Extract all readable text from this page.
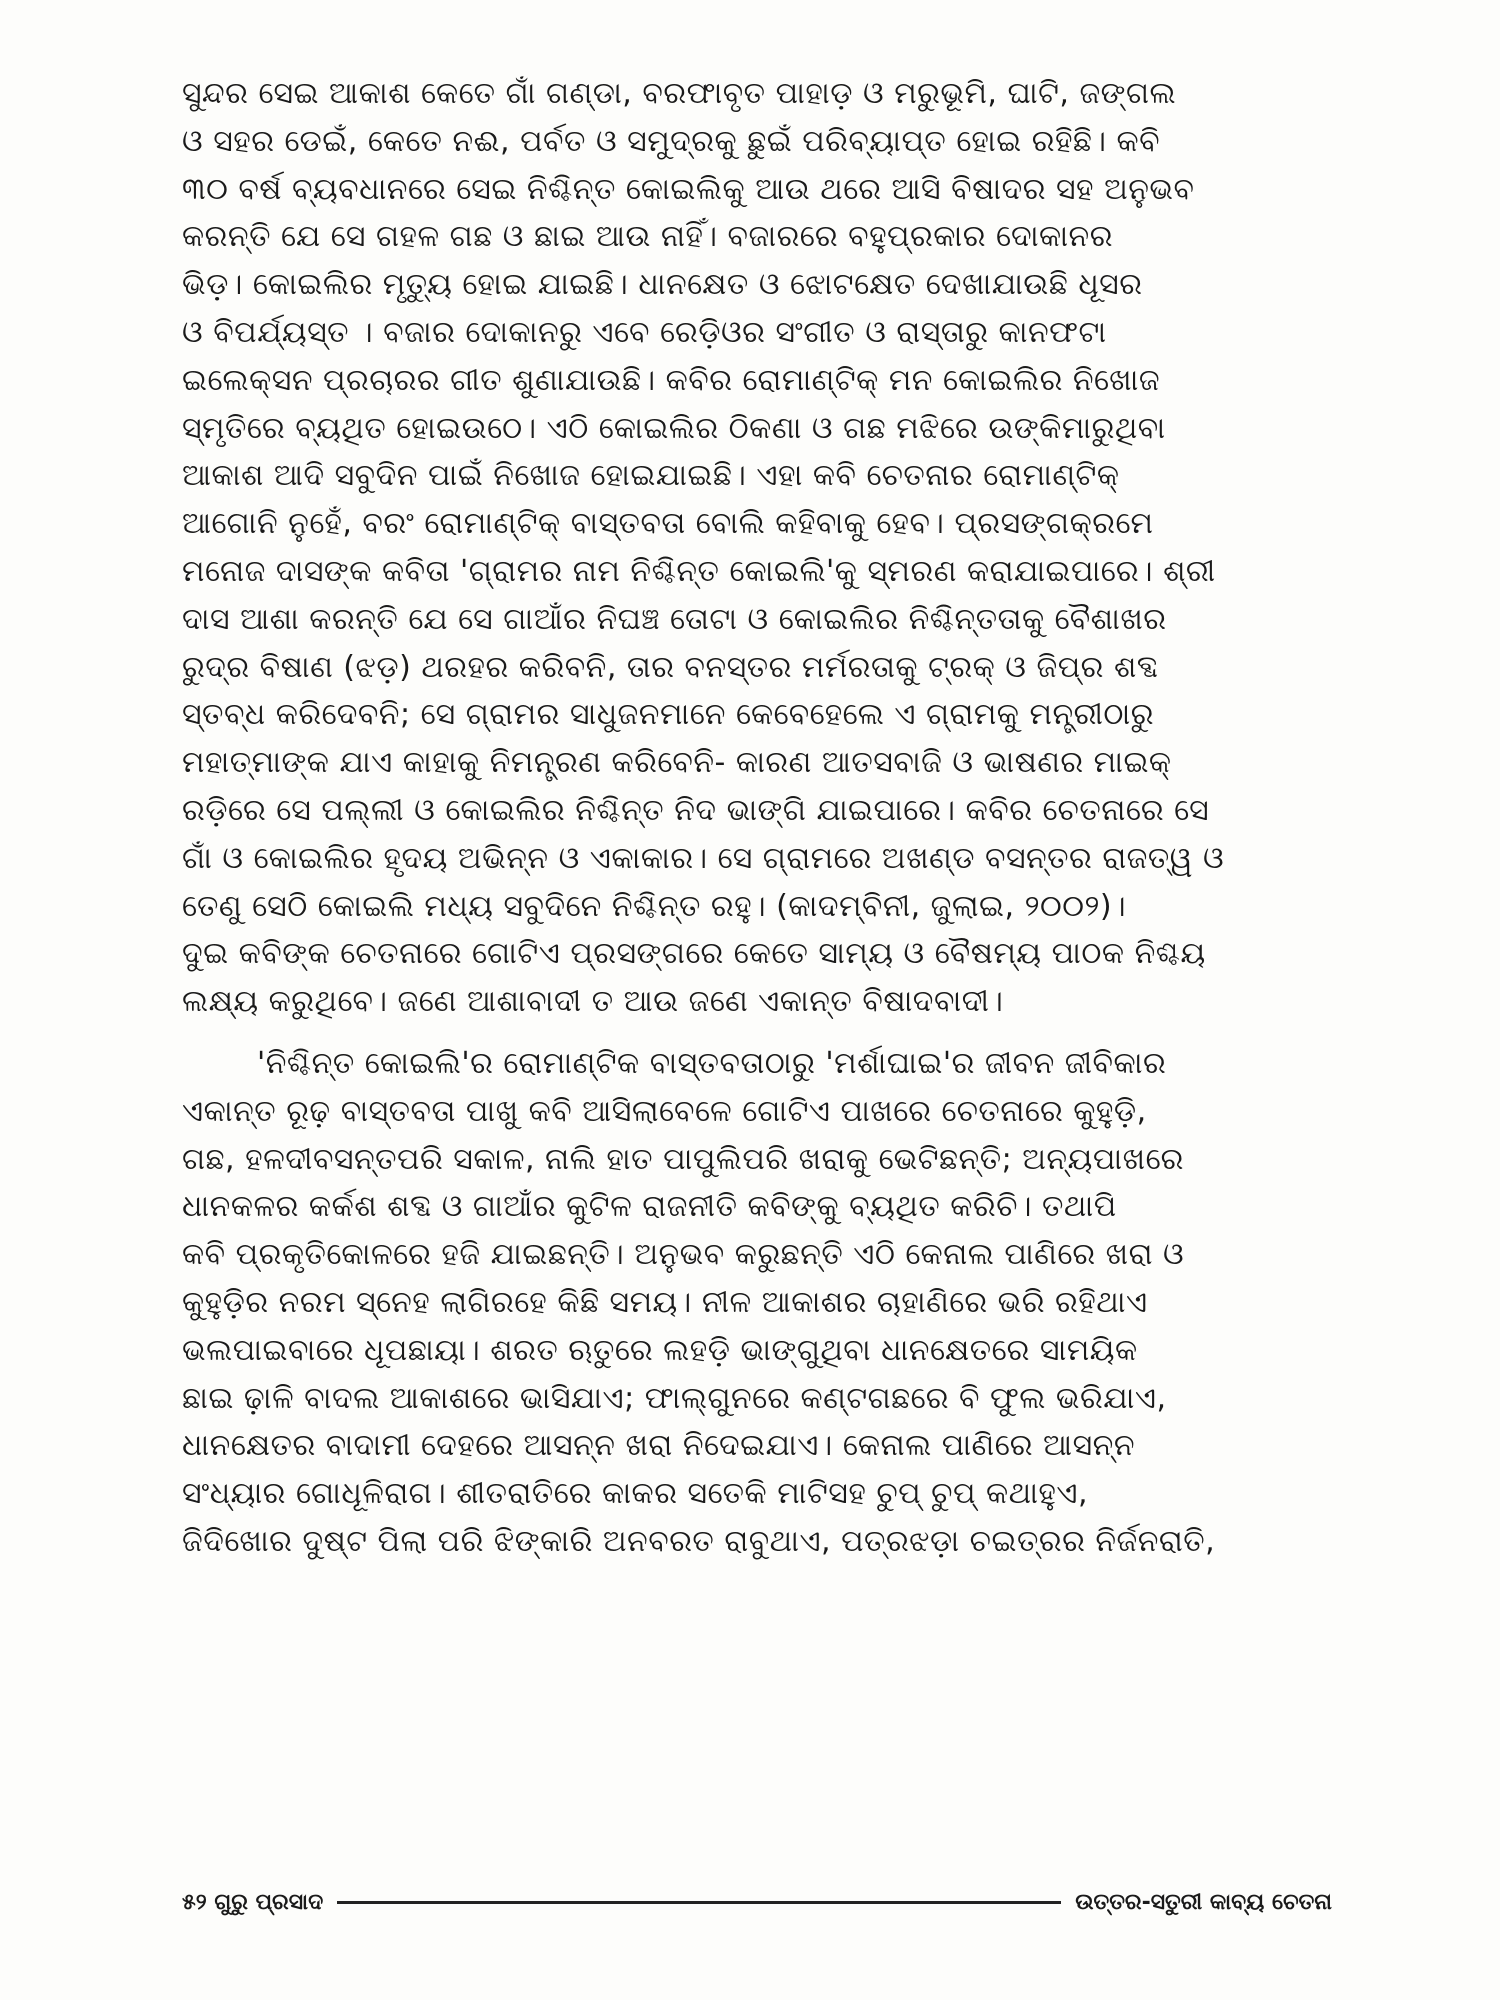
ସୁନ୍ଦର ସେଇ ଆକାଶ କେତେ ଗାଁ ଗଣ୍ଡା, ବରଫାବୃତ ପାହାଡ଼ ଓ ମରୁଭୂମି, ଘାଟି, ଜଙ୍ଗଲ
ଓ ସହର ଡେଇଁ, କେତେ ନଈ, ପର୍ବତ ଓ ସମୁଦ୍ରକୁ ଛୁଇଁ ପରିବ୍ୟାପ୍ତ ହୋଇ ରହିଛି। କବି
୩୦ ବର୍ଷ ବ୍ୟବଧାନରେ ସେଇ ନିଶ୍ଚିନ୍ତ କୋଇଲିକୁ ଆଉ ଥରେ ଆସି ବିଷାଦର ସହ ଅନୁଭବ
କରନ୍ତି ଯେ ସେ ଗହଳ ଗଛ ଓ ଛାଇ ଆଉ ନାହିଁ। ବଜାରରେ ବହୁପ୍ରକାର ଦୋକାନର
ଭିଡ଼। କୋଇଲିର ମୃତ୍ୟୁ ହୋଇ ଯାଇଛି। ଧାନକ୍ଷେତ ଓ ଝୋଟକ୍ଷେତ ଦେଖାଯାଉଛି ଧୂସର
ଓ ବିପର୍ଯ୍ୟସ୍ତ । ବଜାର ଦୋକାନରୁ ଏବେ ରେଡ଼ିଓର ସଂଗୀତ ଓ ରାସ୍ତାରୁ କାନଫଟା
ଇଲେକ୍ସନ ପ୍ରଚାରର ଗୀତ ଶୁଣାଯାଉଛି। କବିର ରୋମାଣ୍ଟିକ୍ ମନ କୋଇଲିର ନିଖୋଜ
ସ୍ମୃତିରେ ବ୍ୟଥିତ ହୋଇଉଠେ। ଏଠି କୋଇଲିର ଠିକଣା ଓ ଗଛ ମଝିରେ ଉଙ୍କିମାରୁଥିବା
ଆକାଶ ଆଦି ସବୁଦିନ ପାଇଁ ନିଖୋଜ ହୋଇଯାଇଛି। ଏହା କବି ଚେତନାର ରୋମାଣ୍ଟିକ୍
ଆଗୋନି ନୁହେଁ, ବରଂ ରୋମାଣ୍ଟିକ୍ ବାସ୍ତବତା ବୋଲି କହିବାକୁ ହେବ। ପ୍ରସଙ୍ଗକ୍ରମେ
ମନୋଜ ଦାସଙ୍କ କବିତା 'ଗ୍ରାମର ନାମ ନିଶ୍ଚିନ୍ତ କୋଇଲି'କୁ ସ୍ମରଣ କରାଯାଇପାରେ। ଶ୍ରୀ
ଦାସ ଆଶା କରନ୍ତି ଯେ ସେ ଗାଆଁର ନିଘଞ୍ଚ ତୋଟା ଓ କୋଇଲିର ନିଶ୍ଚିନ୍ତତାକୁ ବୈଶାଖର
ରୁଦ୍ର ବିଷାଣ (ଝଡ଼) ଥରହର କରିବନି, ତାର ବନସ୍ତର ମର୍ମରତାକୁ ଟ୍ରକ୍ ଓ ଜିପ୍‌ର ଶବ୍ଦ
ସ୍ତବ୍ଧ କରିଦେବନି; ସେ ଗ୍ରାମର ସାଧୁଜନମାନେ କେବେହେଲେ ଏ ଗ୍ରାମକୁ ମନ୍ତ୍ରୀଠାରୁ
ମହାତ୍ମାଙ୍କ ଯାଏ କାହାକୁ ନିମନ୍ତ୍ରଣ କରିବେନି- କାରଣ ଆତସବାଜି ଓ ଭାଷଣର ମାଇକ୍
ରଡ଼ିରେ ସେ ପଲ୍ଲୀ ଓ କୋଇଲିର ନିଶ୍ଚିନ୍ତ ନିଦ ଭାଙ୍ଗି ଯାଇପାରେ। କବିର ଚେତନାରେ ସେ
ଗାଁ ଓ କୋଇଲିର ହୃଦୟ ଅଭିନ୍ନ ଓ ଏକାକାର। ସେ ଗ୍ରାମରେ ଅଖଣ୍ଡ ବସନ୍ତର ରାଜତ୍ୱ ଓ
ତେଣୁ ସେଠି କୋଇଲି ମଧ୍ୟ ସବୁଦିନେ ନିଶ୍ଚିନ୍ତ ରହୁ। (କାଦମ୍ବିନୀ, ଜୁଲାଇ, ୨୦୦୨)।
ଦୁଇ କବିଙ୍କ ଚେତନାରେ ଗୋଟିଏ ପ୍ରସଙ୍ଗରେ କେତେ ସାମ୍ୟ ଓ ବୈଷମ୍ୟ ପାଠକ ନିଶ୍ଚୟ
ଲକ୍ଷ୍ୟ କରୁଥିବେ। ଜଣେ ଆଶାବାଦୀ ତ ଆଉ ଜଣେ ଏକାନ୍ତ ବିଷାଦବାଦୀ।
'ନିଶ୍ଚିନ୍ତ କୋଇଲି'ର ରୋମାଣ୍ଟିକ ବାସ୍ତବତାଠାରୁ 'ମର୍ଶାଘାଇ'ର ଜୀବନ ଜୀବିକାର
ଏକାନ୍ତ ରୂଢ଼ ବାସ୍ତବତା ପାଖୁ କବି ଆସିଲାବେଳେ ଗୋଟିଏ ପାଖରେ ଚେତନାରେ କୁହୁଡ଼ି,
ଗଛ, ହଳଦୀବସନ୍ତପରି ସକାଳ, ନାଲି ହାତ ପାପୁଲିପରି ଖରାକୁ ଭେଟିଛନ୍ତି; ଅନ୍ୟପାଖରେ
ଧାନକଳର କର୍କଶ ଶବ୍ଦ ଓ ଗାଆଁର କୁଟିଳ ରାଜନୀତି କବିଙ୍କୁ ବ୍ୟଥିତ କରିଚି। ତଥାପି
କବି ପ୍ରକୃତିକୋଳରେ ହଜି ଯାଇଛନ୍ତି। ଅନୁଭବ କରୁଛନ୍ତି ଏଠି କେନାଲ ପାଣିରେ ଖରା ଓ
କୁହୁଡ଼ିର ନରମ ସ୍ନେହ ଲାଗିରହେ କିଛି ସମୟ। ନୀଳ ଆକାଶର ଚାହାଣିରେ ଭରି ରହିଥାଏ
ଭଲପାଇବାରେ ଧୂପଛାୟା। ଶରତ ଋତୁରେ ଲହଡ଼ି ଭାଙ୍ଗୁଥିବା ଧାନକ୍ଷେତରେ ସାମୟିକ
ଛାଇ ଢ଼ାଳି ବାଦଲ ଆକାଶରେ ଭାସିଯାଏ; ଫାଲ୍‌ଗୁନରେ କଣ୍ଟଗଛରେ ବି ଫୁଲ ଭରିଯାଏ,
ଧାନକ୍ଷେତର ବାଦାମୀ ଦେହରେ ଆସନ୍ନ ଖରା ନିଦେଇଯାଏ। କେନାଲ ପାଣିରେ ଆସନ୍ନ
ସଂଧ୍ୟାର ଗୋଧୂଳିରାଗ। ଶୀତରାତିରେ କାକର ସତେକି ମାଟିସହ ଚୁପ୍ ଚୁପ୍ କଥାହୁଏ,
ଜିଦିଖୋର ଦୁଷ୍ଟ ପିଲା ପରି ଝିଙ୍କାରି ଅନବରତ ରାବୁଥାଏ, ପତ୍ରଝଡ଼ା ଚଇତ୍ରର ନିର୍ଜନରାତି,
୫୨ ଗୁରୁ ପ୍ରସାଦ	ଉତ୍ତର-ସତୁରୀ କାବ୍ୟ ଚେତନା
